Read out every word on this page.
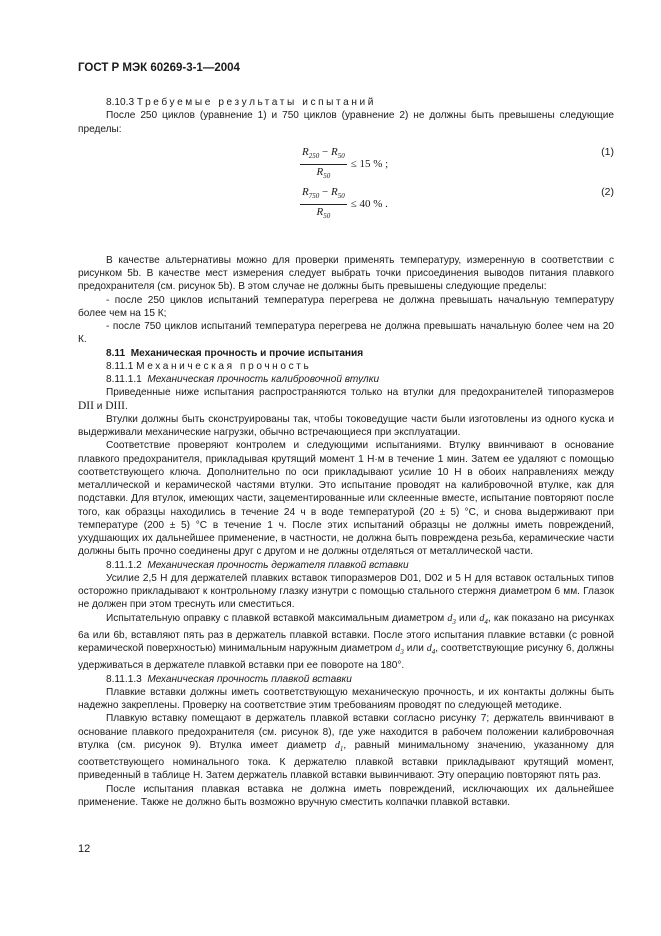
ГОСТ Р МЭК 60269-3-1—2004

8.10.3 Требуемые результаты испытаний

После 250 циклов (уравнение 1) и 750 циклов (уравнение 2) не должны быть превышены следующие пределы:

$\frac{R_{250} - R_{50}}{R_{50}} \le 15$ % ;
(1)
$\frac{R_{750} - R_{50}}{R_{50}} \le 40$ % .
(2)

В качестве альтернативы можно для проверки применять температуру, измеренную в соответствии с рисунком 5b. В качестве мест измерения следует выбрать точки присоединения выводов питания плавкого предохранителя (см. рисунок 5b). В этом случае не должны быть превышены следующие пределы:

- после 250 циклов испытаний температура перегрева не должна превышать начальную температуру более чем на 15 К;

- после 750 циклов испытаний температура перегрева не должна превышать начальную более чем на 20 К.

8.11 Механическая прочность и прочие испытания

8.11.1 Механическая прочность

8.11.1.1 Механическая прочность калибровочной втулки

Приведенные ниже испытания распространяются только на втулки для предохранителей типоразмеров DII и DIII.

Втулки должны быть сконструированы так, чтобы токоведущие части были изготовлены из одного куска и выдерживали механические нагрузки, обычно встречающиеся при эксплуатации.

Соответствие проверяют контролем и следующими испытаниями. Втулку ввинчивают в основание плавкого предохранителя, прикладывая крутящий момент 1 Н·м в течение 1 мин. Затем ее удаляют с помощью соответствующего ключа. Дополнительно по оси прикладывают усилие 10 Н в обоих направлениях между металлической и керамической частями втулки. Это испытание проводят на калибровочной втулке, как для подставки. Для втулок, имеющих части, зацементированные или склеенные вместе, испытание повторяют после того, как образцы находились в течение 24 ч в воде температурой (20 ± 5) °С, и снова выдерживают при температуре (200 ± 5) °С в течение 1 ч. После этих испытаний образцы не должны иметь повреждений, ухудшающих их дальнейшее применение, в частности, не должна быть повреждена резьба, керамические части должны быть прочно соединены друг с другом и не должны отделяться от металлической части.

8.11.1.2 Механическая прочность держателя плавкой вставки

Усилие 2,5 Н для держателей плавких вставок типоразмеров D01, D02 и 5 Н для вставок остальных типов осторожно прикладывают к контрольному глазку изнутри с помощью стального стержня диаметром 6 мм. Глазок не должен при этом треснуть или сместиться.

Испытательную оправку с плавкой вставкой максимальным диаметром $d_3$ или $d_4$, как показано на рисунках 6а или 6b, вставляют пять раз в держатель плавкой вставки. После этого испытания плавкие вставки (с ровной керамической поверхностью) минимальным наружным диаметром $d_3$ или $d_4$, соответствующие рисунку 6, должны удерживаться в держателе плавкой вставки при ее повороте на 180°.

8.11.1.3 Механическая прочность плавкой вставки

Плавкие вставки должны иметь соответствующую механическую прочность, и их контакты должны быть надежно закреплены. Проверку на соответствие этим требованиям проводят по следующей методике.

Плавкую вставку помещают в держатель плавкой вставки согласно рисунку 7; держатель ввинчивают в основание плавкого предохранителя (см. рисунок 8), где уже находится в рабочем положении калибровочная втулка (см. рисунок 9). Втулка имеет диаметр $d_1$, равный минимальному значению, указанному для соответствующего номинального тока. К держателю плавкой вставки прикладывают крутящий момент, приведенный в таблице Н. Затем держатель плавкой вставки вывинчивают. Эту операцию повторяют пять раз.

После испытания плавкая вставка не должна иметь повреждений, исключающих их дальнейшее применение. Также не должно быть возможно вручную сместить колпачки плавкой вставки.

12
